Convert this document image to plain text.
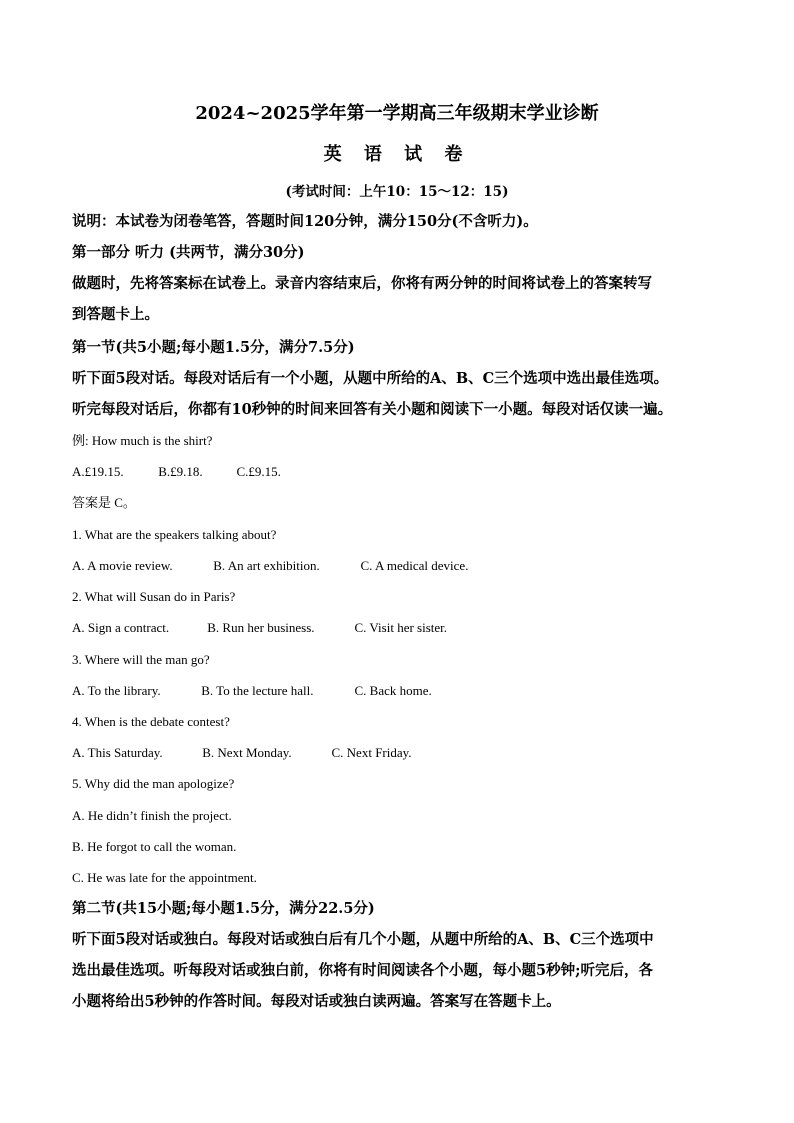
2024~2025学年第一学期高三年级期末学业诊断
英 语 试 卷
(考试时间：上午10：15～12：15)
说明：本试卷为闭卷笔答，答题时间120分钟，满分150分(不含听力)。
第一部分 听力 (共两节，满分30分)
做题时，先将答案标在试卷上。录音内容结束后，你将有两分钟的时间将试卷上的答案转写
到答题卡上。
第一节(共5小题;每小题1.5分，满分7.5分)
听下面5段对话。每段对话后有一个小题，从题中所给的A、B、C三个选项中选出最佳选项。
听完每段对话后，你都有10秒钟的时间来回答有关小题和阅读下一小题。每段对话仅读一遍。
例: How much is the shirt?
A.£19.15.	B.£9.18.	C.£9.15.
答案是 C。
1. What are the speakers talking about?
A. A movie review.	B. An art exhibition.	C. A medical device.
2. What will Susan do in Paris?
A. Sign a contract.	B. Run her business.	C. Visit her sister.
3. Where will the man go?
A. To the library.	B. To the lecture hall.	C. Back home.
4. When is the debate contest?
A. This Saturday.	B. Next Monday.	C. Next Friday.
5. Why did the man apologize?
A. He didn’t finish the project.
B. He forgot to call the woman.
C. He was late for the appointment.
第二节(共15小题;每小题1.5分，满分22.5分)
听下面5段对话或独白。每段对话或独白后有几个小题，从题中所给的A、B、C三个选项中
选出最佳选项。听每段对话或独白前，你将有时间阅读各个小题，每小题5秒钟;听完后，各
小题将给出5秒钟的作答时间。每段对话或独白读两遍。答案写在答题卡上。
